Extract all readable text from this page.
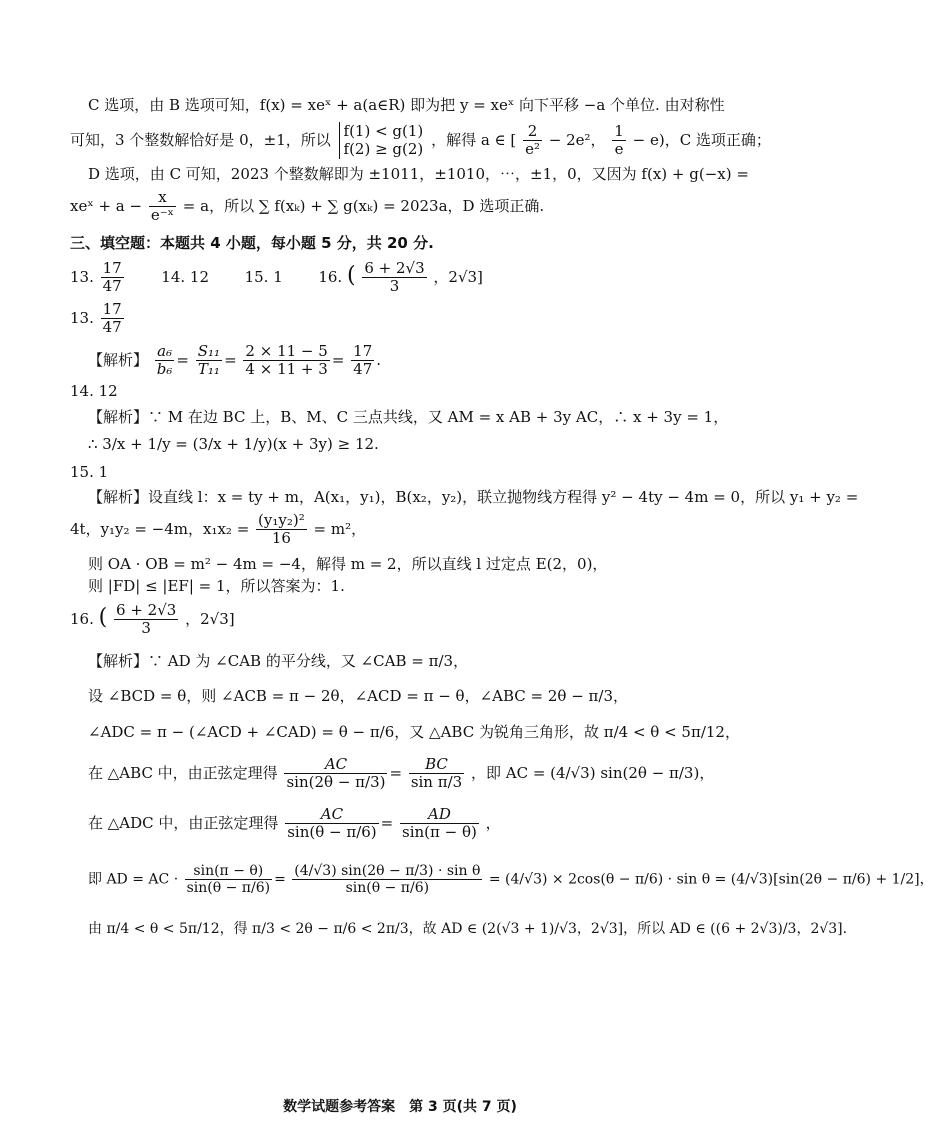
C 选项，由 B 选项可知，f(x) = xeˣ + a(a∈R) 即为把 y = xeˣ 向下平移 −a 个单位. 由对称性

可知，3 个整数解恰好是 0，±1，所以 f(1) < g(1)
f(2) ≥ g(2)
，解得 a ∈ [ $\frac{2}{\text{e²}} - 2e^2$， $\frac{1}{e} - e$)，C 选项正确；

D 选项，由 C 可知，2023 个整数解即为 ±1011，±1010，⋯，±1，0，又因为 f(x) + g(−x) =

xeˣ + $a - \frac{x}{\text{e⁻ˣ}} = a$，所以 ∑ f(xₖ) + ∑ g(xₖ) = 2023a，D 选项正确.

三、填空题：本题共 4 小题，每小题 5 分，共 20 分.

13. $\frac{17}{47}$	14. 12 15. 1 16. ( $\frac{6 + 2√3}{3}$ ，2√3]

13. $\frac{17}{47}$

【解析】 $\frac{\text{a₆}}{\text{b₆}} = \frac{\text{S₁₁}}{\text{T₁₁}} = \frac{2 \times 11 - 5}{4 \times 11 + 3} = \frac{17}{47}$ .

14. 12

【解析】∵ M 在边 BC 上，B、M、C 三点共线，又 AM = x AB + 3y AC，∴ x + 3y = 1，

∴ 3/x + 1/y = (3/x + 1/y)(x + 3y) ≥ 12.

15. 1

【解析】设直线 l：x = ty + m，A(x₁，y₁)，B(x₂，y₂)，联立抛物线方程得 y² − 4ty − 4m = 0，所以 y₁ + y₂ =

4t，y₁y₂ = −4m，$x_1x_2 = \frac{\text{(y₁y₂)²}}{16} = m^2$，

则 OA · OB = m² − 4m = −4，解得 m = 2，所以直线 l 过定点 E(2，0)，

则 |FD| ≤ |EF| = 1，所以答案为：1.

16. ( $\frac{6 + 2√3}{3}$ ，2√3]

【解析】∵ AD 为 ∠CAB 的平分线，又 ∠CAB = π/3，

设 ∠BCD = θ，则 ∠ACB = π − 2θ，∠ACD = π − θ，∠ABC = 2θ − π/3，

∠ADC = π − (∠ACD + ∠CAD) = θ − π/6，又 △ABC 为锐角三角形，故 π/4 < θ < 5π/12，

在 △ABC 中，由正弦定理得 $\frac{AC}{\sin(2\theta - \pi/3)} = \frac{BC}{\text{sin π/3}}$ ，即 AC = (4/√3) sin(2θ − π/3)，

在 △ADC 中，由正弦定理得 $\frac{AC}{\sin(\theta - \pi/6)} = \frac{AD}{\sin(\pi - \theta)}$ ，

即 AD = AC · $\frac{\sin(\pi - \theta)}{\sin(\theta - \pi/6)} = \frac{\text{(4/√3) sin(2θ − π/3) · sin θ}}{\sin(\theta - \pi/6)} = (4/√3) \times 2\cos(\theta - \pi/6) \cdot \sin \theta = (4/√3)[\sin(2\theta - \pi/6) + 1/2]$，

由 π/4 < θ < 5π/12，得 π/3 < 2θ − π/6 < 2π/3，故 AD ∈ (2(√3 + 1)/√3，2√3]，所以 AD ∈ ((6 + 2√3)/3，2√3].

数学试题参考答案　第 3 页(共 7 页)
